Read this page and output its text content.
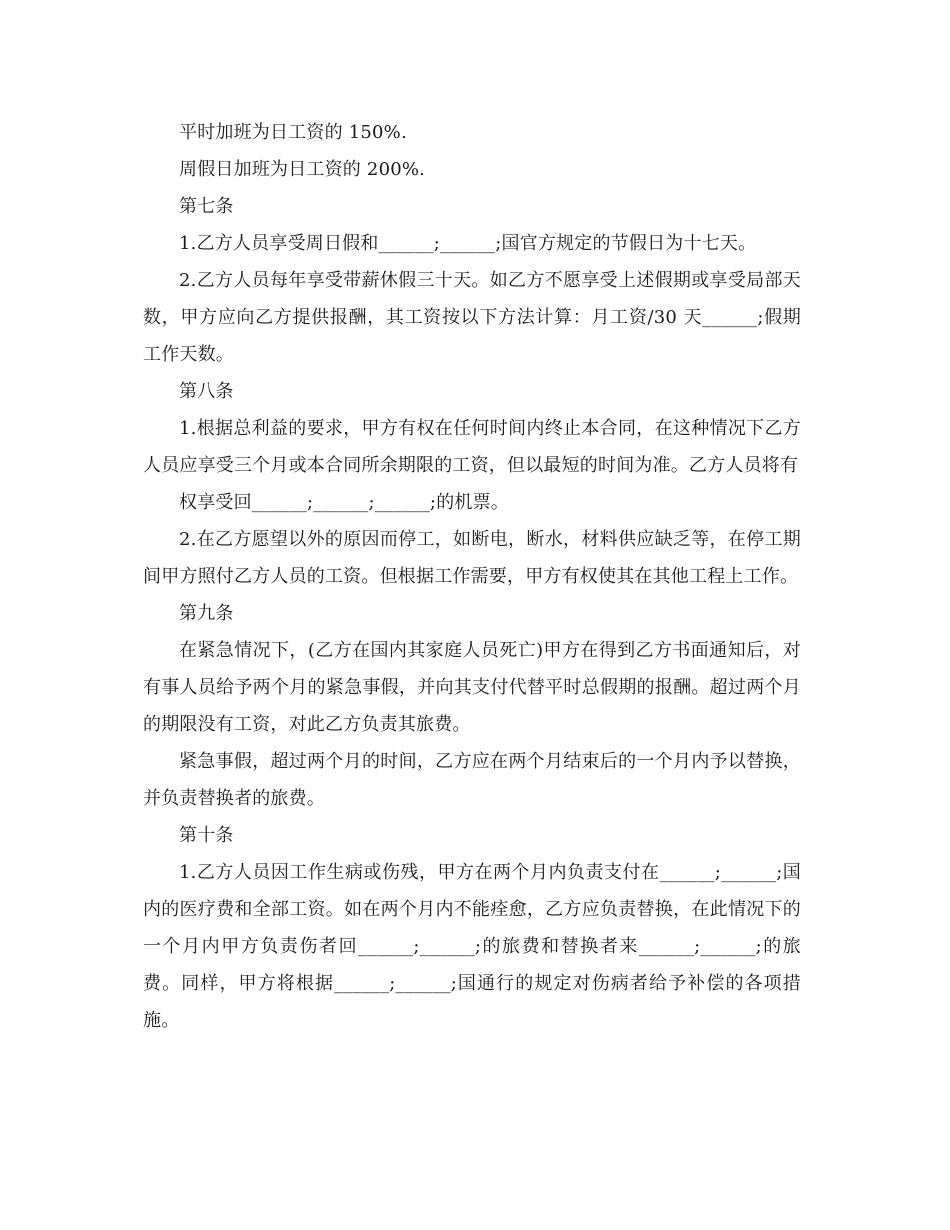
平时加班为日工资的 150%.

周假日加班为日工资的 200%.

第七条

1.乙方人员享受周日假和______;______;国官方规定的节假日为十七天。

2.乙方人员每年享受带薪休假三十天。如乙方不愿享受上述假期或享受局部天数，甲方应向乙方提供报酬，其工资按以下方法计算：月工资/30 天______;假期工作天数。

第八条

1.根据总利益的要求，甲方有权在任何时间内终止本合同，在这种情况下乙方人员应享受三个月或本合同所余期限的工资，但以最短的时间为准。乙方人员将有

权享受回______;______;______;的机票。

2.在乙方愿望以外的原因而停工，如断电，断水，材料供应缺乏等，在停工期间甲方照付乙方人员的工资。但根据工作需要，甲方有权使其在其他工程上工作。

第九条

在紧急情况下，(乙方在国内其家庭人员死亡)甲方在得到乙方书面通知后，对有事人员给予两个月的紧急事假，并向其支付代替平时总假期的报酬。超过两个月的期限没有工资，对此乙方负责其旅费。

紧急事假，超过两个月的时间，乙方应在两个月结束后的一个月内予以替换，并负责替换者的旅费。

第十条

1.乙方人员因工作生病或伤残，甲方在两个月内负责支付在______;______;国内的医疗费和全部工资。如在两个月内不能痊愈，乙方应负责替换，在此情况下的一个月内甲方负责伤者回______;______;的旅费和替换者来______;______;的旅费。同样，甲方将根据______;______;国通行的规定对伤病者给予补偿的各项措施。
